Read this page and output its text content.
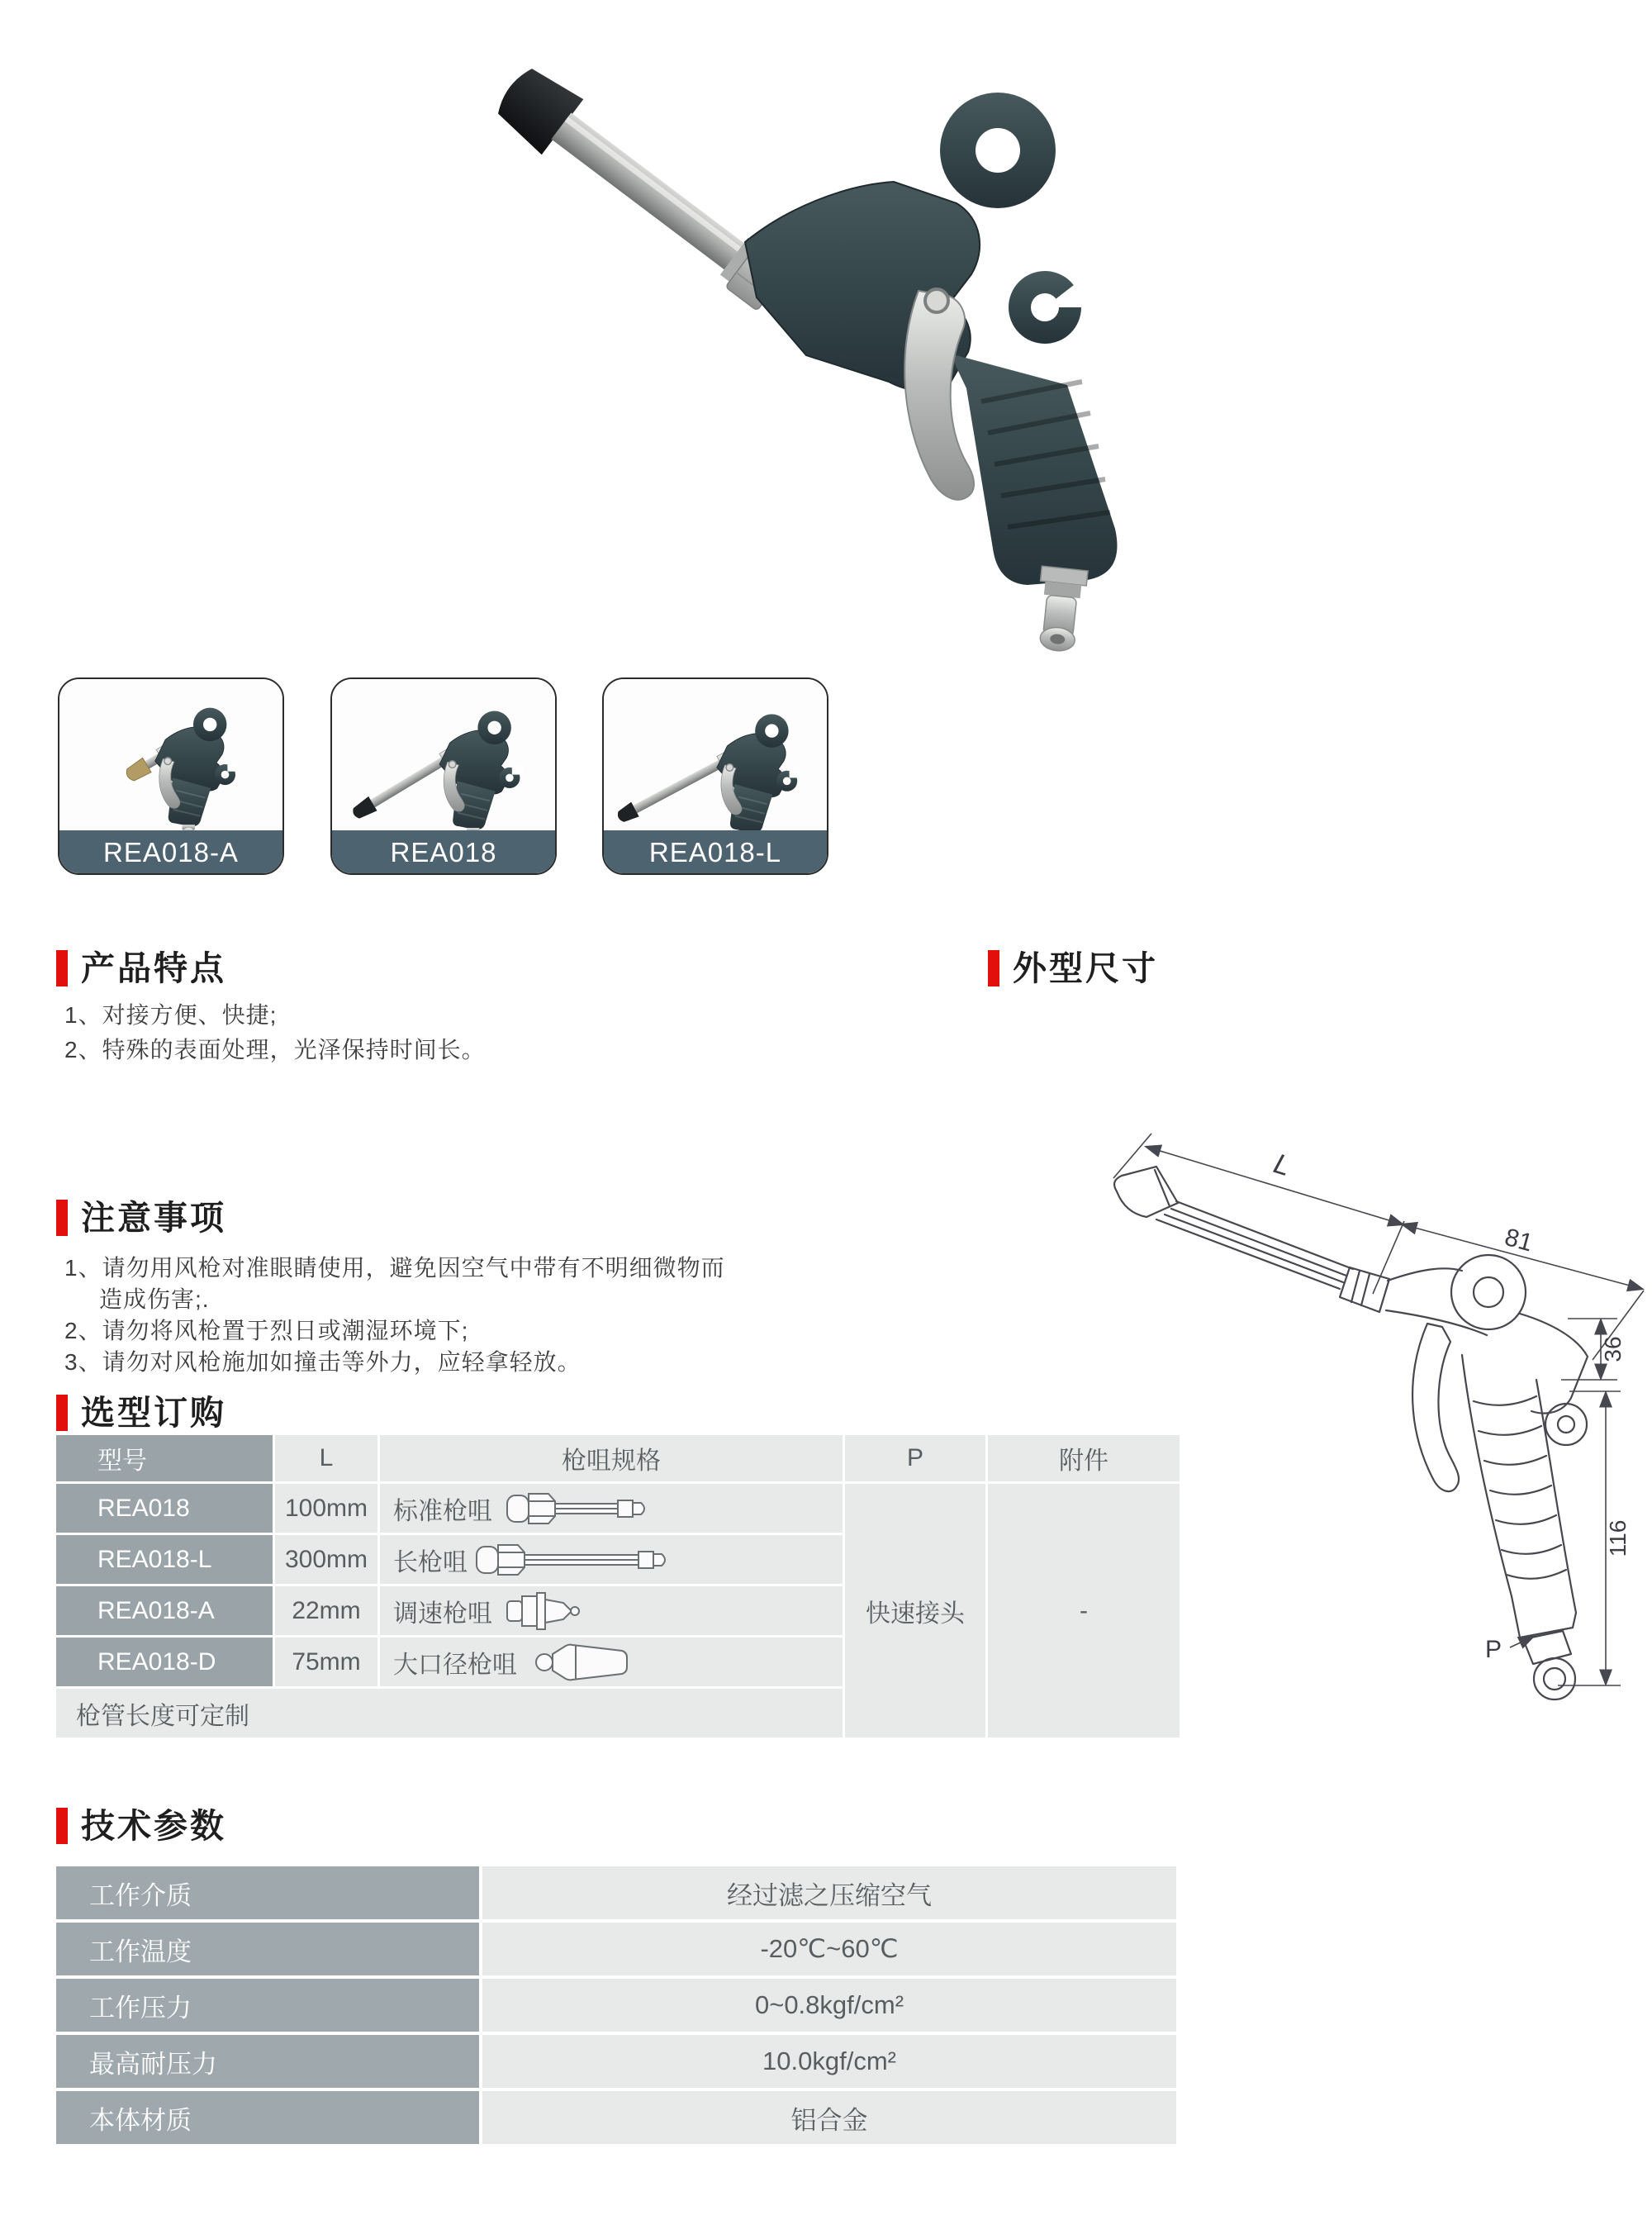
REA018-A	REA018	REA018-L
产品特点	外型尺寸
注意事项
选型订购
技术参数
1、对接方便、快捷;
2、特殊的表面处理，光泽保持时间长。
1、请勿用风枪对准眼睛使用，避免因空气中带有不明细微物而
造成伤害;.
2、请勿将风枪置于烈日或潮湿环境下;
3、请勿对风枪施加如撞击等外力，应轻拿轻放。
型号	L	枪咀规格	P	附件
REA018	100mm	标准枪咀
REA018-L	300mm	长枪咀
REA018-A	22mm	调速枪咀
REA018-D	75mm	大口径枪咀
快速接头	-
枪管长度可定制
L
81
36
116
P
工作介质	经过滤之压缩空气
工作温度	-20℃~60℃
工作压力	0~0.8kgf/cm²
最高耐压力	10.0kgf/cm²
本体材质	铝合金
